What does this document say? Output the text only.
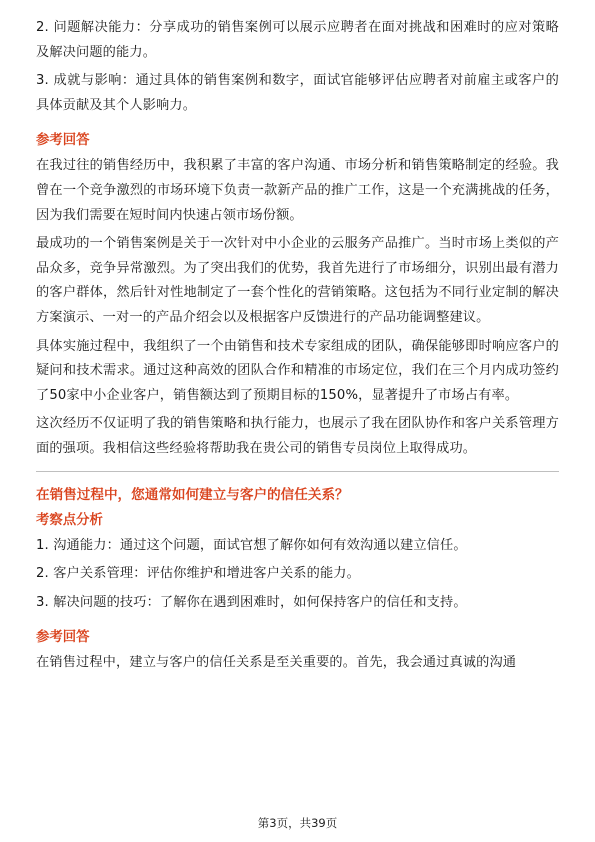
2. 问题解决能力：分享成功的销售案例可以展示应聘者在面对挑战和困难时的应对策略及解决问题的能力。

3. 成就与影响：通过具体的销售案例和数字，面试官能够评估应聘者对前雇主或客户的具体贡献及其个人影响力。

参考回答

在我过往的销售经历中，我积累了丰富的客户沟通、市场分析和销售策略制定的经验。我曾在一个竞争激烈的市场环境下负责一款新产品的推广工作，这是一个充满挑战的任务，因为我们需要在短时间内快速占领市场份额。

最成功的一个销售案例是关于一次针对中小企业的云服务产品推广。当时市场上类似的产品众多，竞争异常激烈。为了突出我们的优势，我首先进行了市场细分，识别出最有潜力的客户群体，然后针对性地制定了一套个性化的营销策略。这包括为不同行业定制的解决方案演示、一对一的产品介绍会以及根据客户反馈进行的产品功能调整建议。

具体实施过程中，我组织了一个由销售和技术专家组成的团队，确保能够即时响应客户的疑问和技术需求。通过这种高效的团队合作和精准的市场定位，我们在三个月内成功签约了50家中小企业客户，销售额达到了预期目标的150%，显著提升了市场占有率。

这次经历不仅证明了我的销售策略和执行能力，也展示了我在团队协作和客户关系管理方面的强项。我相信这些经验将帮助我在贵公司的销售专员岗位上取得成功。

在销售过程中，您通常如何建立与客户的信任关系？
考察点分析

1. 沟通能力：通过这个问题，面试官想了解你如何有效沟通以建立信任。

2. 客户关系管理：评估你维护和增进客户关系的能力。

3. 解决问题的技巧：了解你在遇到困难时，如何保持客户的信任和支持。

参考回答

在销售过程中，建立与客户的信任关系是至关重要的。首先，我会通过真诚的沟通

第3页，共39页
